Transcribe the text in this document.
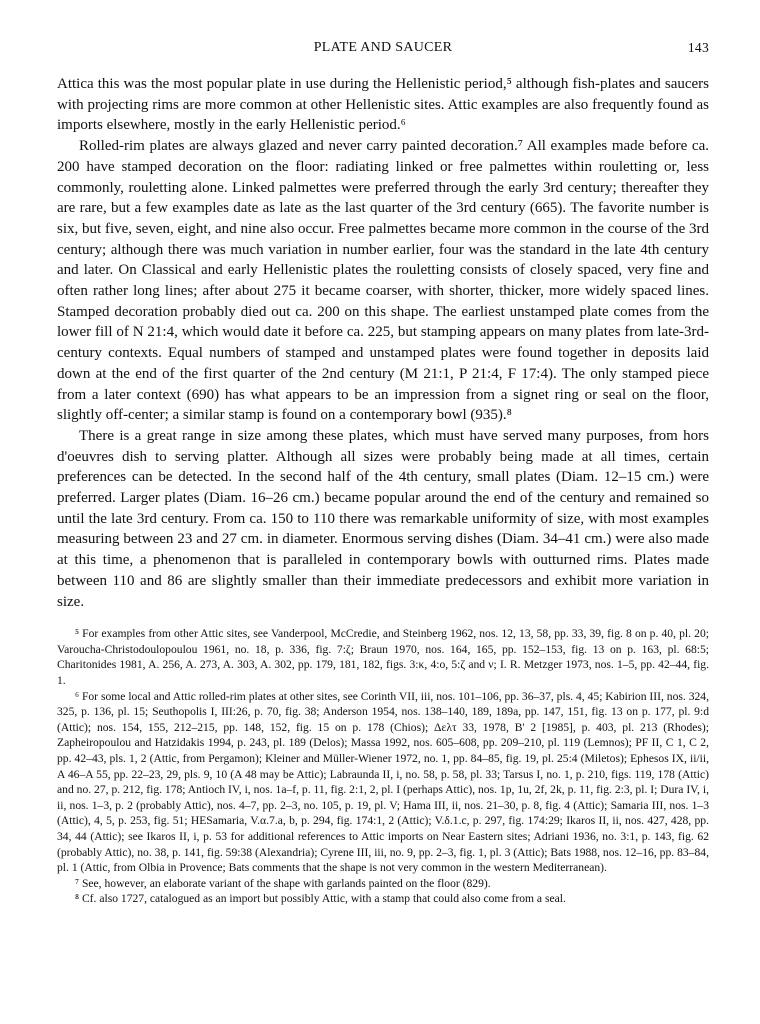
PLATE AND SAUCER	143

Attica this was the most popular plate in use during the Hellenistic period,⁵ although fish-plates and saucers with projecting rims are more common at other Hellenistic sites. Attic examples are also frequently found as imports elsewhere, mostly in the early Hellenistic period.⁶

Rolled-rim plates are always glazed and never carry painted decoration.⁷ All examples made before ca. 200 have stamped decoration on the floor: radiating linked or free palmettes within rouletting or, less commonly, rouletting alone. Linked palmettes were preferred through the early 3rd century; thereafter they are rare, but a few examples date as late as the last quarter of the 3rd century (665). The favorite number is six, but five, seven, eight, and nine also occur. Free palmettes became more common in the course of the 3rd century; although there was much variation in number earlier, four was the standard in the late 4th century and later. On Classical and early Hellenistic plates the rouletting consists of closely spaced, very fine and often rather long lines; after about 275 it became coarser, with shorter, thicker, more widely spaced lines. Stamped decoration probably died out ca. 200 on this shape. The earliest unstamped plate comes from the lower fill of N 21:4, which would date it before ca. 225, but stamping appears on many plates from late-3rd-century contexts. Equal numbers of stamped and unstamped plates were found together in deposits laid down at the end of the first quarter of the 2nd century (M 21:1, P 21:4, F 17:4). The only stamped piece from a later context (690) has what appears to be an impression from a signet ring or seal on the floor, slightly off-center; a similar stamp is found on a contemporary bowl (935).⁸

There is a great range in size among these plates, which must have served many purposes, from hors d'oeuvres dish to serving platter. Although all sizes were probably being made at all times, certain preferences can be detected. In the second half of the 4th century, small plates (Diam. 12–15 cm.) were preferred. Larger plates (Diam. 16–26 cm.) became popular around the end of the century and remained so until the late 3rd century. From ca. 150 to 110 there was remarkable uniformity of size, with most examples measuring between 23 and 27 cm. in diameter. Enormous serving dishes (Diam. 34–41 cm.) were also made at this time, a phenomenon that is paralleled in contemporary bowls with outturned rims. Plates made between 110 and 86 are slightly smaller than their immediate predecessors and exhibit more variation in size.

⁵ For examples from other Attic sites, see Vanderpool, McCredie, and Steinberg 1962, nos. 12, 13, 58, pp. 33, 39, fig. 8 on p. 40, pl. 20; Varoucha-Christodoulopoulou 1961, no. 18, p. 336, fig. 7:ζ; Braun 1970, nos. 164, 165, pp. 152–153, fig. 13 on p. 163, pl. 68:5; Charitonides 1981, A. 256, A. 273, A. 303, A. 302, pp. 179, 181, 182, figs. 3:κ, 4:ο, 5:ζ and ν; I. R. Metzger 1973, nos. 1–5, pp. 42–44, fig. 1.

⁶ For some local and Attic rolled-rim plates at other sites, see Corinth VII, iii, nos. 101–106, pp. 36–37, pls. 4, 45; Kabirion III, nos. 324, 325, p. 136, pl. 15; Seuthopolis I, III:26, p. 70, fig. 38; Anderson 1954, nos. 138–140, 189, 189a, pp. 147, 151, fig. 13 on p. 177, pl. 9:d (Attic); nos. 154, 155, 212–215, pp. 148, 152, fig. 15 on p. 178 (Chios); Δελτ 33, 1978, B' 2 [1985], p. 403, pl. 213 (Rhodes); Zapheiropoulou and Hatzidakis 1994, p. 243, pl. 189 (Delos); Massa 1992, nos. 605–608, pp. 209–210, pl. 119 (Lemnos); PF II, C 1, C 2, pp. 42–43, pls. 1, 2 (Attic, from Pergamon); Kleiner and Müller-Wiener 1972, no. 1, pp. 84–85, fig. 19, pl. 25:4 (Miletos); Ephesos IX, ii/ii, A 46–A 55, pp. 22–23, 29, pls. 9, 10 (A 48 may be Attic); Labraunda II, i, no. 58, p. 58, pl. 33; Tarsus I, no. 1, p. 210, figs. 119, 178 (Attic) and no. 27, p. 212, fig. 178; Antioch IV, i, nos. 1a–f, p. 11, fig. 2:1, 2, pl. I (perhaps Attic), nos. 1p, 1u, 2f, 2k, p. 11, fig. 2:3, pl. I; Dura IV, i, ii, nos. 1–3, p. 2 (probably Attic), nos. 4–7, pp. 2–3, no. 105, p. 19, pl. V; Hama III, ii, nos. 21–30, p. 8, fig. 4 (Attic); Samaria III, nos. 1–3 (Attic), 4, 5, p. 253, fig. 51; HESamaria, V.α.7.a, b, p. 294, fig. 174:1, 2 (Attic); V.δ.1.c, p. 297, fig. 174:29; Ikaros II, ii, nos. 427, 428, pp. 34, 44 (Attic); see Ikaros II, i, p. 53 for additional references to Attic imports on Near Eastern sites; Adriani 1936, no. 3:1, p. 143, fig. 62 (probably Attic), no. 38, p. 141, fig. 59:38 (Alexandria); Cyrene III, iii, no. 9, pp. 2–3, fig. 1, pl. 3 (Attic); Bats 1988, nos. 12–16, pp. 83–84, pl. 1 (Attic, from Olbia in Provence; Bats comments that the shape is not very common in the western Mediterranean).

⁷ See, however, an elaborate variant of the shape with garlands painted on the floor (829).

⁸ Cf. also 1727, catalogued as an import but possibly Attic, with a stamp that could also come from a seal.
